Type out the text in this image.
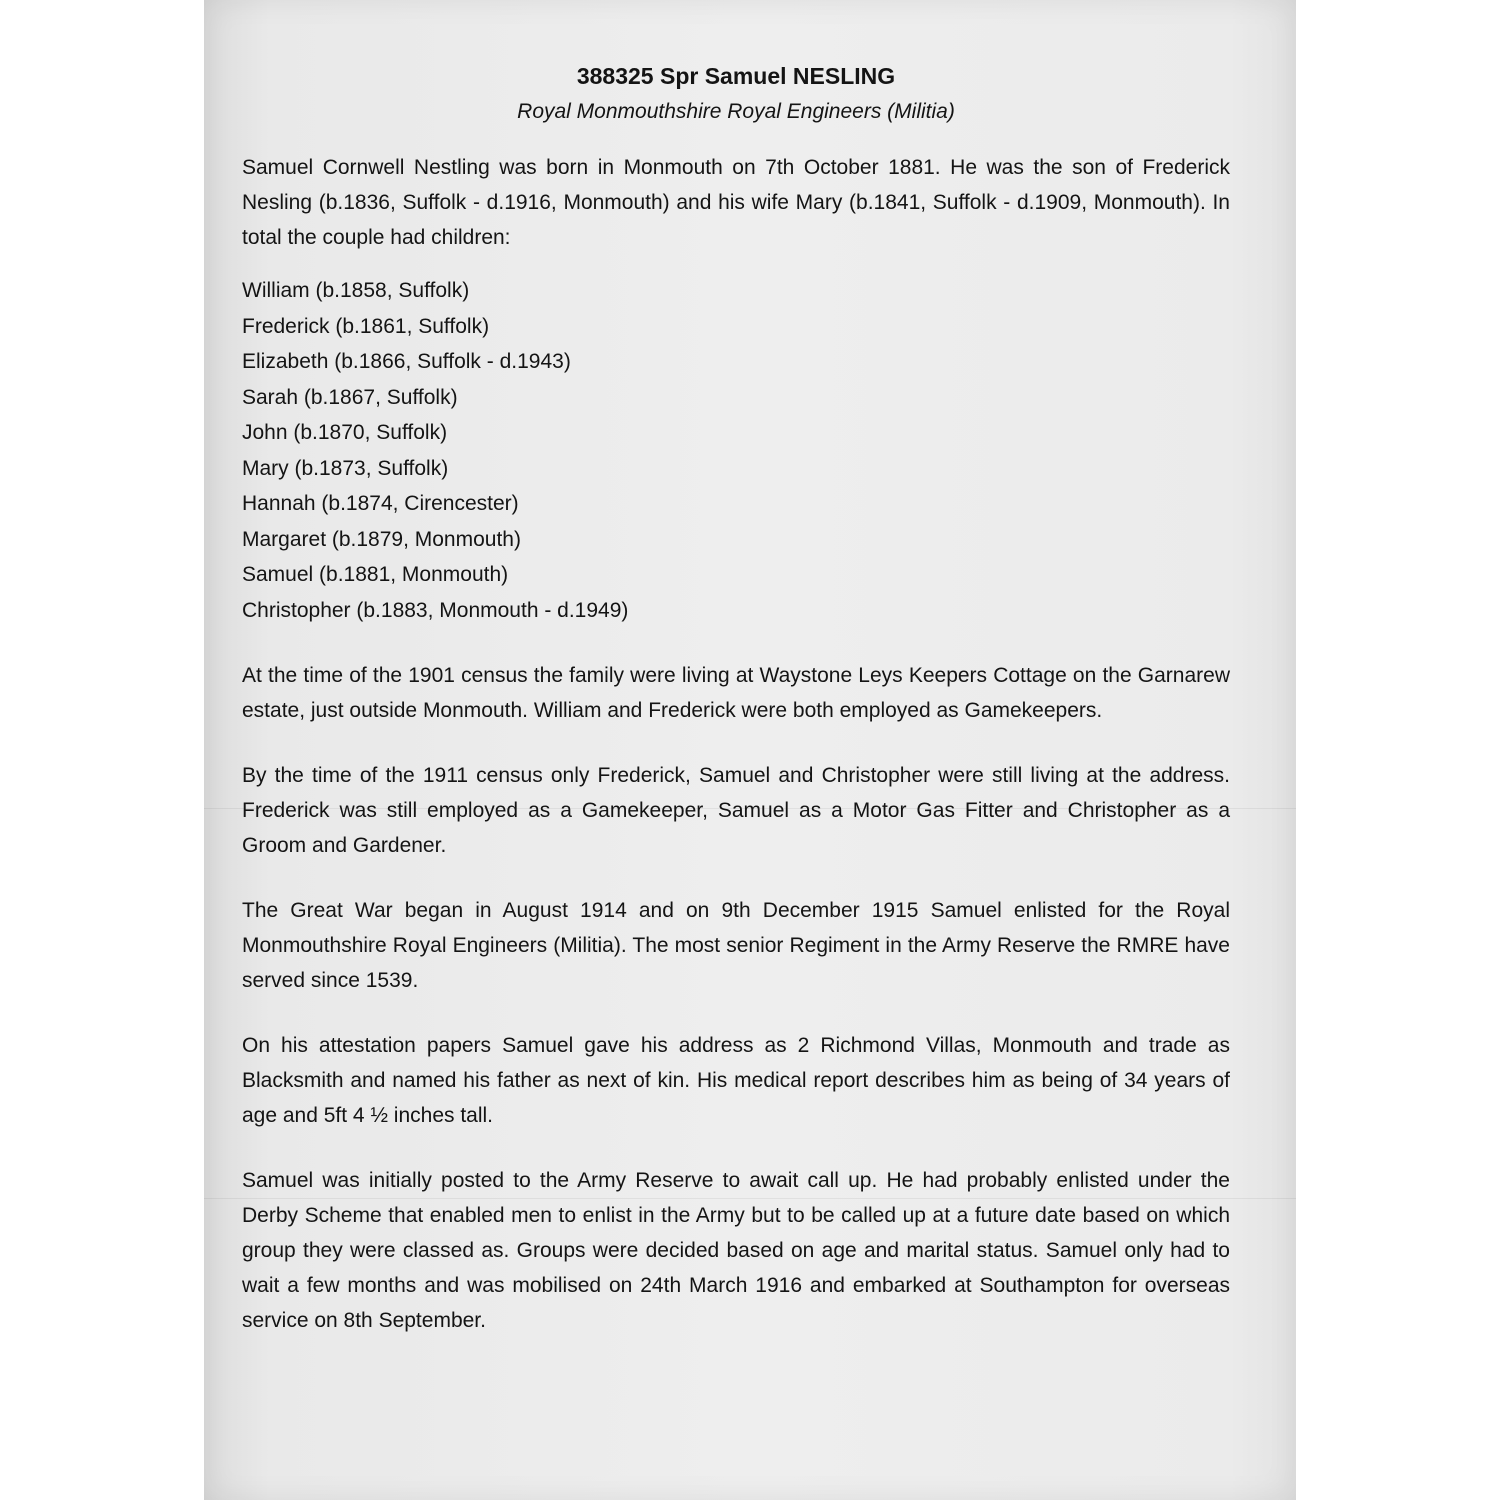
388325 Spr Samuel NESLING
Royal Monmouthshire Royal Engineers (Militia)

Samuel Cornwell Nestling was born in Monmouth on 7th October 1881. He was the son of Frederick Nesling (b.1836, Suffolk - d.1916, Monmouth) and his wife Mary (b.1841, Suffolk - d.1909, Monmouth). In total the couple had children:

William (b.1858, Suffolk)
Frederick (b.1861, Suffolk)
Elizabeth (b.1866, Suffolk - d.1943)
Sarah (b.1867, Suffolk)
John (b.1870, Suffolk)
Mary (b.1873, Suffolk)
Hannah (b.1874, Cirencester)
Margaret (b.1879, Monmouth)
Samuel (b.1881, Monmouth)
Christopher (b.1883, Monmouth - d.1949)

At the time of the 1901 census the family were living at Waystone Leys Keepers Cottage on the Garnarew estate, just outside Monmouth. William and Frederick were both employed as Gamekeepers.

By the time of the 1911 census only Frederick, Samuel and Christopher were still living at the address. Frederick was still employed as a Gamekeeper, Samuel as a Motor Gas Fitter and Christopher as a Groom and Gardener.

The Great War began in August 1914 and on 9th December 1915 Samuel enlisted for the Royal Monmouthshire Royal Engineers (Militia). The most senior Regiment in the Army Reserve the RMRE have served since 1539.

On his attestation papers Samuel gave his address as 2 Richmond Villas, Monmouth and trade as Blacksmith and named his father as next of kin. His medical report describes him as being of 34 years of age and 5ft 4 ½ inches tall.

Samuel was initially posted to the Army Reserve to await call up. He had probably enlisted under the Derby Scheme that enabled men to enlist in the Army but to be called up at a future date based on which group they were classed as. Groups were decided based on age and marital status. Samuel only had to wait a few months and was mobilised on 24th March 1916 and embarked at Southampton for overseas service on 8th September.
